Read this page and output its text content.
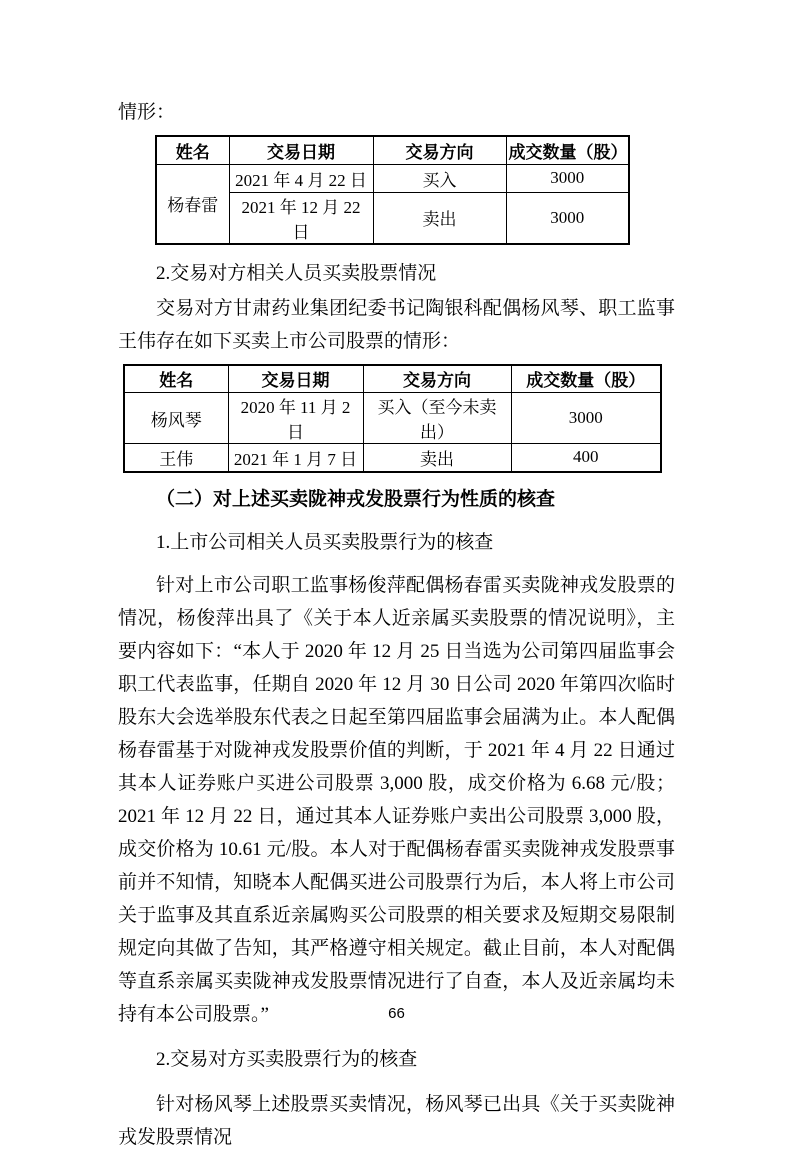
情形：

姓名	交易日期	交易方向	成交数量（股）
杨春雷	2021 年 4 月 22 日	买入	3000
	2021 年 12 月 22 日	卖出	3000

2.交易对方相关人员买卖股票情况

交易对方甘肃药业集团纪委书记陶银科配偶杨风琴、职工监事王伟存在如下买卖上市公司股票的情形：

姓名	交易日期	交易方向	成交数量（股）
杨风琴	2020 年 11 月 2 日	买入（至今未卖出）	3000
王伟	2021 年 1 月 7 日	卖出	400

（二）对上述买卖陇神戎发股票行为性质的核查

1.上市公司相关人员买卖股票行为的核查

针对上市公司职工监事杨俊萍配偶杨春雷买卖陇神戎发股票的情况，杨俊萍出具了《关于本人近亲属买卖股票的情况说明》，主要内容如下：“本人于 2020 年 12 月 25 日当选为公司第四届监事会职工代表监事，任期自 2020 年 12 月 30 日公司 2020 年第四次临时股东大会选举股东代表之日起至第四届监事会届满为止。本人配偶杨春雷基于对陇神戎发股票价值的判断，于 2021 年 4 月 22 日通过其本人证券账户买进公司股票 3,000 股，成交价格为 6.68 元/股；2021 年 12 月 22 日，通过其本人证券账户卖出公司股票 3,000 股，成交价格为 10.61 元/股。本人对于配偶杨春雷买卖陇神戎发股票事前并不知情，知晓本人配偶买进公司股票行为后，本人将上市公司关于监事及其直系近亲属购买公司股票的相关要求及短期交易限制规定向其做了告知，其严格遵守相关规定。截止目前，本人对配偶等直系亲属买卖陇神戎发股票情况进行了自查，本人及近亲属均未持有本公司股票。”

2.交易对方买卖股票行为的核查

针对杨风琴上述股票买卖情况，杨风琴已出具《关于买卖陇神戎发股票情况

66
